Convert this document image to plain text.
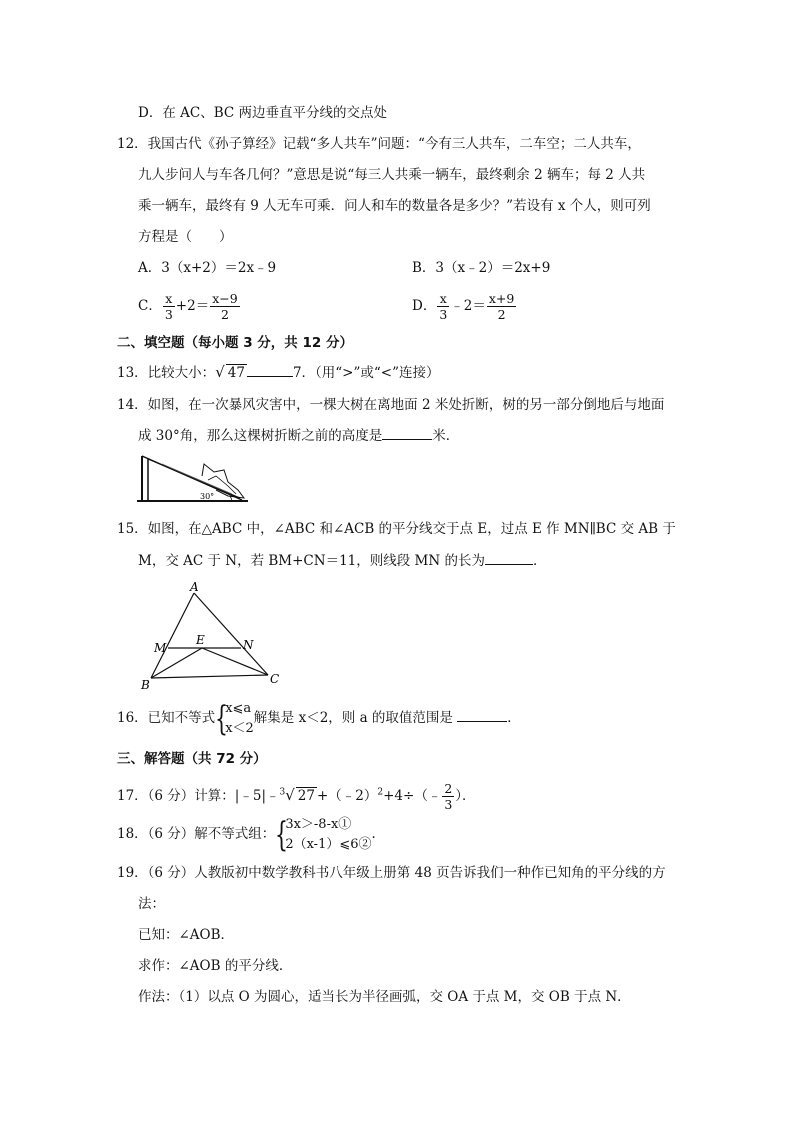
D．在 AC、BC 两边垂直平分线的交点处
12．我国古代《孙子算经》记载“多人共车”问题：“今有三人共车，二车空；二人共车，
九人步问人与车各几何？”意思是说“每三人共乘一辆车，最终剩余 2 辆车；每 2 人共
乘一辆车，最终有 9 人无车可乘．问人和车的数量各是多少？”若设有 x 个人，则可列
方程是（　　）
A．3（x+2）＝2x﹣9	B．3（x﹣2）＝2x+9
C． $\frac{x}{3} +2= \frac{x-9}{2}$	D． $\frac{x}{3}$ ﹣2＝ $\frac{x+9}{2}$
二、填空题（每小题 3 分，共 12 分）
13．比较大小：√ 47	7．（用“>”或“<”连接）
14．如图，在一次暴风灾害中，一棵大树在离地面 2 米处折断，树的另一部分倒地后与地面
成 30°角，那么这棵树折断之前的高度是	米．
30°
15．如图，在△ABC 中，∠ABC 和∠ACB 的平分线交于点 E，过点 E 作 MN∥BC 交 AB 于
M，交 AC 于 N，若 BM+CN＝11，则线段 MN 的长为	．
A
M
E	N
B	C
16．已知不等式 {
x⩽a
x＜2
解集是 x＜2，则 a 的取值范围是	．
三、解答题（共 72 分）
17．（6 分）计算：|﹣5|﹣$^3$√ 27 +（﹣2）$^2$+4÷（﹣ $\frac{2}{3}$ ）．
18．（6 分）解不等式组： {
3x＞-8-x①
2（x-1）⩽6②
．
19．（6 分）人教版初中数学教科书八年级上册第 48 页告诉我们一种作已知角的平分线的方
法：
已知：∠AOB．
求作：∠AOB 的平分线．
作法：（1）以点 O 为圆心，适当长为半径画弧，交 OA 于点 M，交 OB 于点 N．
